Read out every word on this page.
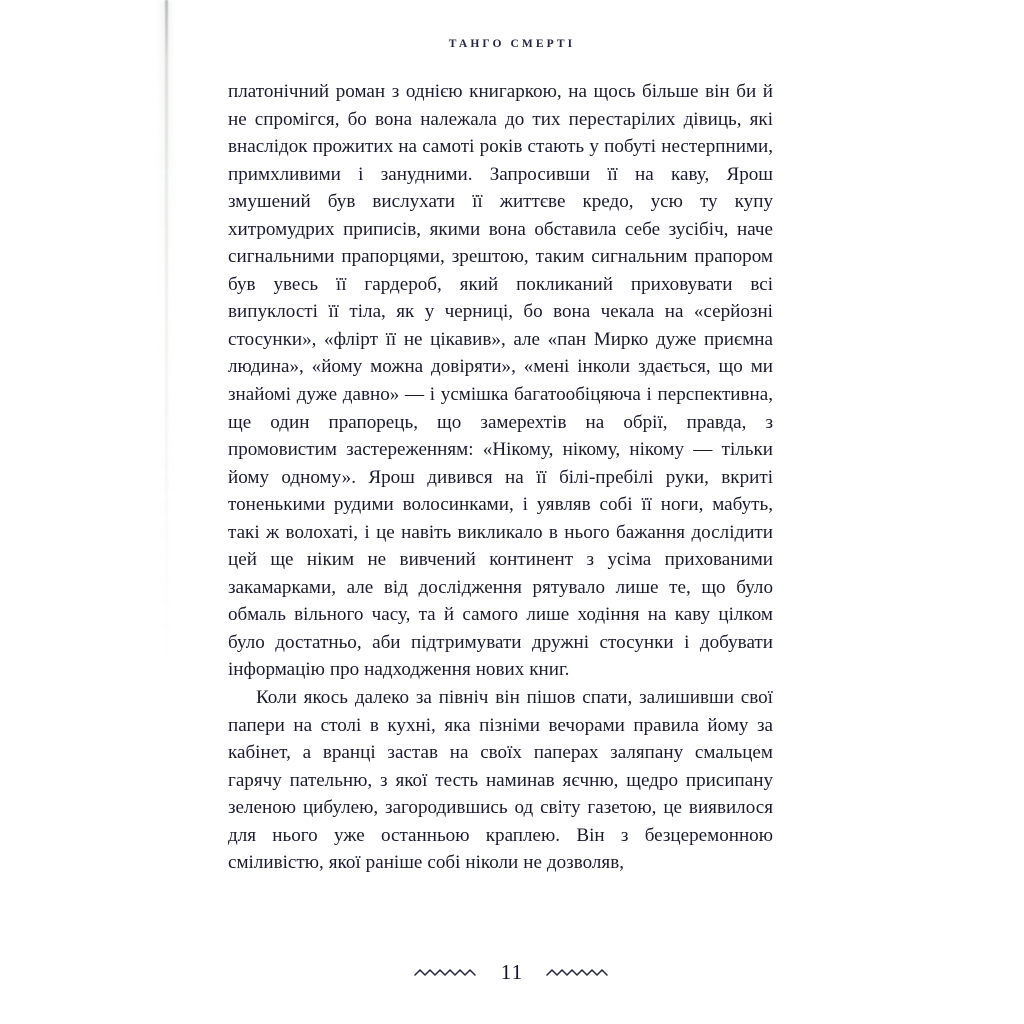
ТАНГО СМЕРТІ

платонічний роман з однією книгаркою, на щось більше він би й не спромігся, бо вона належала до тих перестарілих дівиць, які внаслідок прожитих на самоті років стають у побуті нестерпними, примхливими і занудними. Запросивши її на каву, Ярош змушений був вислухати її життєве кредо, усю ту купу хитромудрих приписів, якими вона обставила себе зусібіч, наче сигнальними прапорцями, зрештою, таким сигнальним прапором був увесь її гардероб, який покликаний приховувати всі випуклості її тіла, як у черниці, бо вона чекала на «серйозні стосунки», «флірт її не цікавив», але «пан Мирко дуже приємна людина», «йому можна довіряти», «мені інколи здається, що ми знайомі дуже давно» — і усмішка багатообіцяюча і перспективна, ще один прапорець, що замерехтів на обрії, правда, з промовистим застереженням: «Нікому, нікому, нікому — тільки йому одному». Ярош дивився на її білі-пребілі руки, вкриті тоненькими рудими волосинками, і уявляв собі її ноги, мабуть, такі ж волохаті, і це навіть викликало в нього бажання дослідити цей ще ніким не вивчений континент з усіма прихованими закамарками, але від дослідження рятувало лише те, що було обмаль вільного часу, та й самого лише ходіння на каву цілком було достатньо, аби підтримувати дружні стосунки і добувати інформацію про надходження нових книг.

Коли якось далеко за північ він пішов спати, залишивши свої папери на столі в кухні, яка пізніми вечорами правила йому за кабінет, а вранці застав на своїх паперах заляпану смальцем гарячу пательню, з якої тесть наминав яєчню, щедро присипану зеленою цибулею, загородившись од світу газетою, це виявилося для нього уже останньою краплею. Він з безцеремонною сміливістю, якої раніше собі ніколи не дозволяв,

11
